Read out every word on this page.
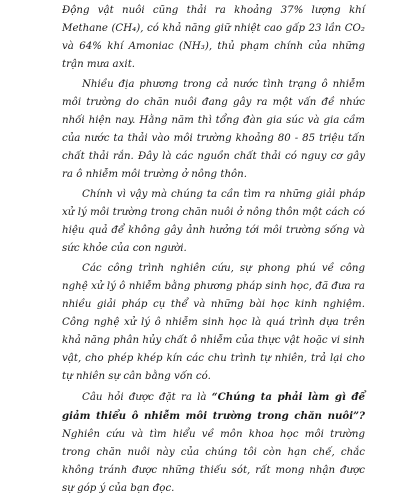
Động vật nuôi cũng thải ra khoảng 37% lượng khí Methane (CH₄), có khả năng giữ nhiệt cao gấp 23 lần CO₂ và 64% khí Amoniac (NH₃), thủ phạm chính của những trận mưa axit.

Nhiều địa phương trong cả nước tình trạng ô nhiễm môi trường do chăn nuôi đang gây ra một vấn đề nhức nhối hiện nay. Hằng năm thì tổng đàn gia súc và gia cầm của nước ta thải vào môi trường khoảng 80 - 85 triệu tấn chất thải rắn. Đây là các nguồn chất thải có nguy cơ gây ra ô nhiễm môi trường ở nông thôn.

Chính vì vậy mà chúng ta cần tìm ra những giải pháp xử lý môi trường trong chăn nuôi ở nông thôn một cách có hiệu quả để không gây ảnh hưởng tới môi trường sống và sức khỏe của con người.

Các công trình nghiên cứu, sự phong phú về công nghệ xử lý ô nhiễm bằng phương pháp sinh học, đã đưa ra nhiều giải pháp cụ thể và những bài học kinh nghiệm. Công nghệ xử lý ô nhiễm sinh học là quá trình dựa trên khả năng phân hủy chất ô nhiễm của thực vật hoặc vi sinh vật, cho phép khép kín các chu trình tự nhiên, trả lại cho tự nhiên sự cân bằng vốn có.

Câu hỏi được đặt ra là “Chúng ta phải làm gì để giảm thiểu ô nhiễm môi trường trong chăn nuôi”? Nghiên cứu và tìm hiểu về môn khoa học môi trường trong chăn nuôi này của chúng tôi còn hạn chế, chắc không tránh được những thiếu sót, rất mong nhận được sự góp ý của bạn đọc.
